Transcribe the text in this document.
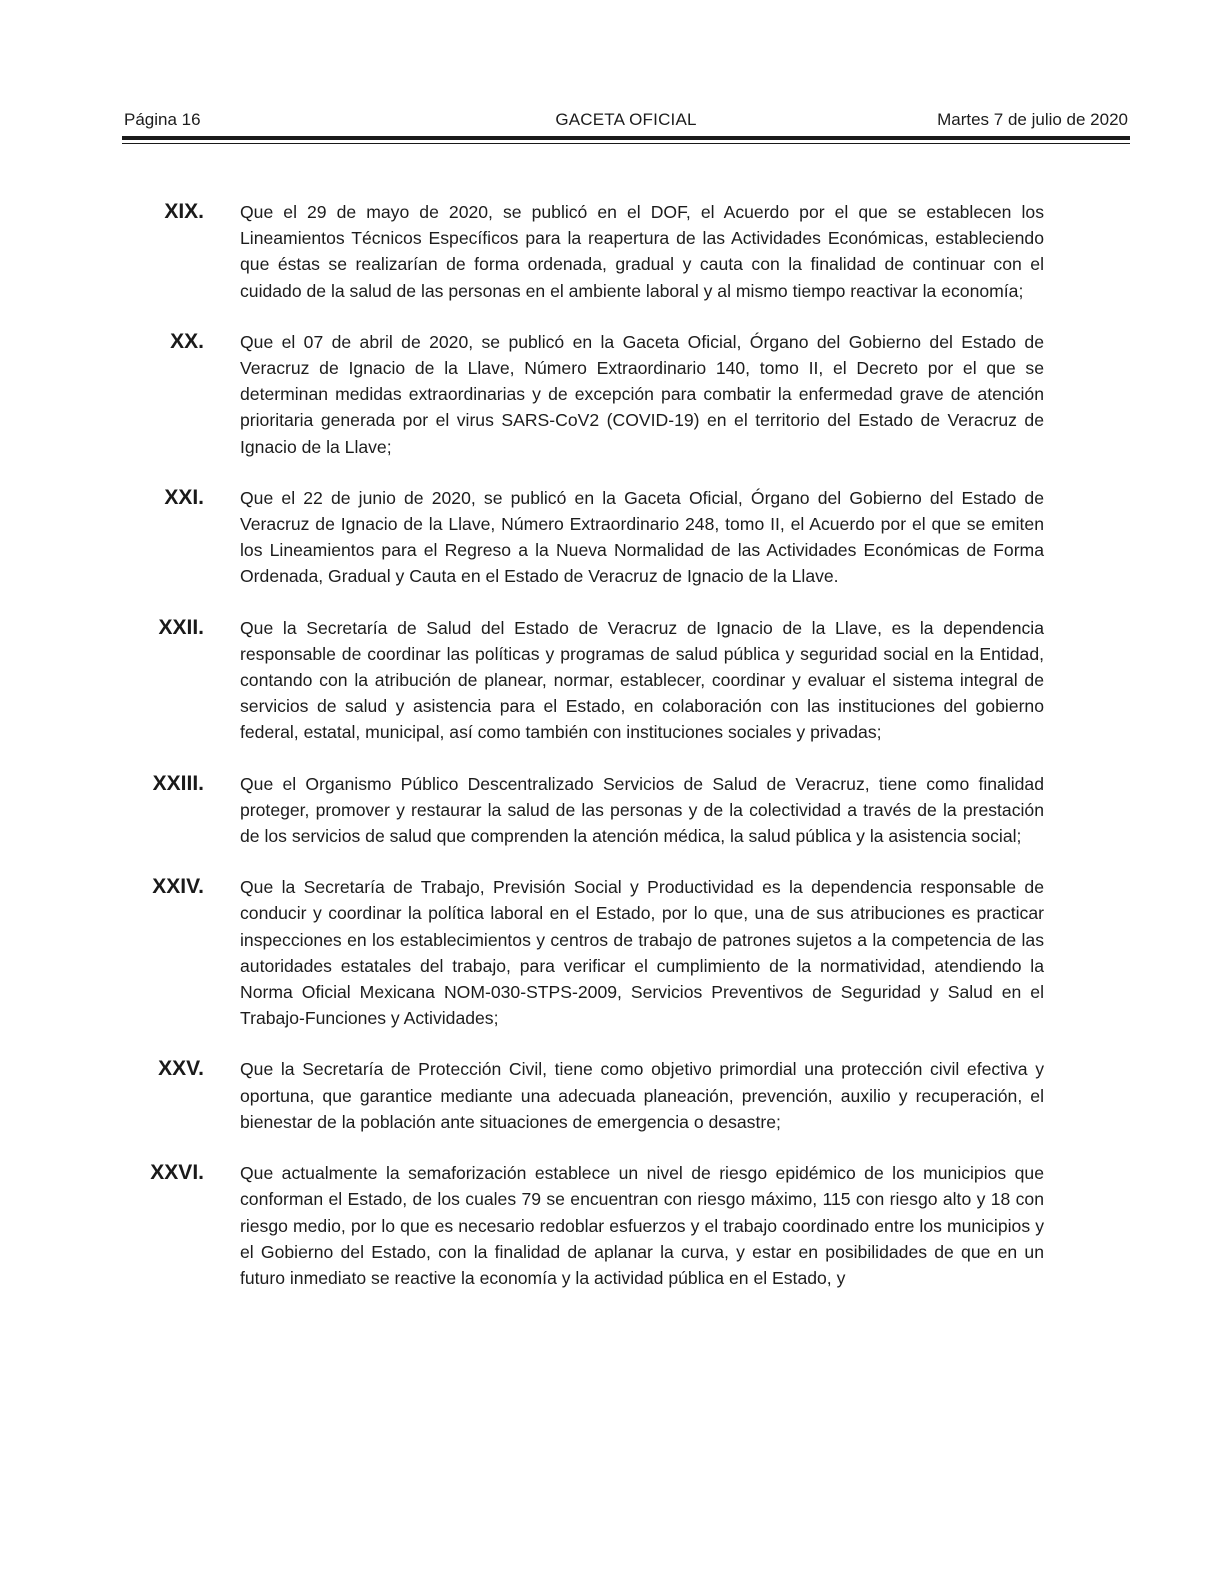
Página 16	GACETA OFICIAL	Martes 7 de julio de 2020
XIX. Que el 29 de mayo de 2020, se publicó en el DOF, el Acuerdo por el que se establecen los Lineamientos Técnicos Específicos para la reapertura de las Actividades Económicas, estableciendo que éstas se realizarían de forma ordenada, gradual y cauta con la finalidad de continuar con el cuidado de la salud de las personas en el ambiente laboral y al mismo tiempo reactivar la economía;
XX. Que el 07 de abril de 2020, se publicó en la Gaceta Oficial, Órgano del Gobierno del Estado de Veracruz de Ignacio de la Llave, Número Extraordinario 140, tomo II, el Decreto por el que se determinan medidas extraordinarias y de excepción para combatir la enfermedad grave de atención prioritaria generada por el virus SARS-CoV2 (COVID-19) en el territorio del Estado de Veracruz de Ignacio de la Llave;
XXI. Que el 22 de junio de 2020, se publicó en la Gaceta Oficial, Órgano del Gobierno del Estado de Veracruz de Ignacio de la Llave, Número Extraordinario 248, tomo II, el Acuerdo por el que se emiten los Lineamientos para el Regreso a la Nueva Normalidad de las Actividades Económicas de Forma Ordenada, Gradual y Cauta en el Estado de Veracruz de Ignacio de la Llave.
XXII. Que la Secretaría de Salud del Estado de Veracruz de Ignacio de la Llave, es la dependencia responsable de coordinar las políticas y programas de salud pública y seguridad social en la Entidad, contando con la atribución de planear, normar, establecer, coordinar y evaluar el sistema integral de servicios de salud y asistencia para el Estado, en colaboración con las instituciones del gobierno federal, estatal, municipal, así como también con instituciones sociales y privadas;
XXIII. Que el Organismo Público Descentralizado Servicios de Salud de Veracruz, tiene como finalidad proteger, promover y restaurar la salud de las personas y de la colectividad a través de la prestación de los servicios de salud que comprenden la atención médica, la salud pública y la asistencia social;
XXIV. Que la Secretaría de Trabajo, Previsión Social y Productividad es la dependencia responsable de conducir y coordinar la política laboral en el Estado, por lo que, una de sus atribuciones es practicar inspecciones en los establecimientos y centros de trabajo de patrones sujetos a la competencia de las autoridades estatales del trabajo, para verificar el cumplimiento de la normatividad, atendiendo la Norma Oficial Mexicana NOM-030-STPS-2009, Servicios Preventivos de Seguridad y Salud en el Trabajo-Funciones y Actividades;
XXV. Que la Secretaría de Protección Civil, tiene como objetivo primordial una protección civil efectiva y oportuna, que garantice mediante una adecuada planeación, prevención, auxilio y recuperación, el bienestar de la población ante situaciones de emergencia o desastre;
XXVI. Que actualmente la semaforización establece un nivel de riesgo epidémico de los municipios que conforman el Estado, de los cuales 79 se encuentran con riesgo máximo, 115 con riesgo alto y 18 con riesgo medio, por lo que es necesario redoblar esfuerzos y el trabajo coordinado entre los municipios y el Gobierno del Estado, con la finalidad de aplanar la curva, y estar en posibilidades de que en un futuro inmediato se reactive la economía y la actividad pública en el Estado, y
